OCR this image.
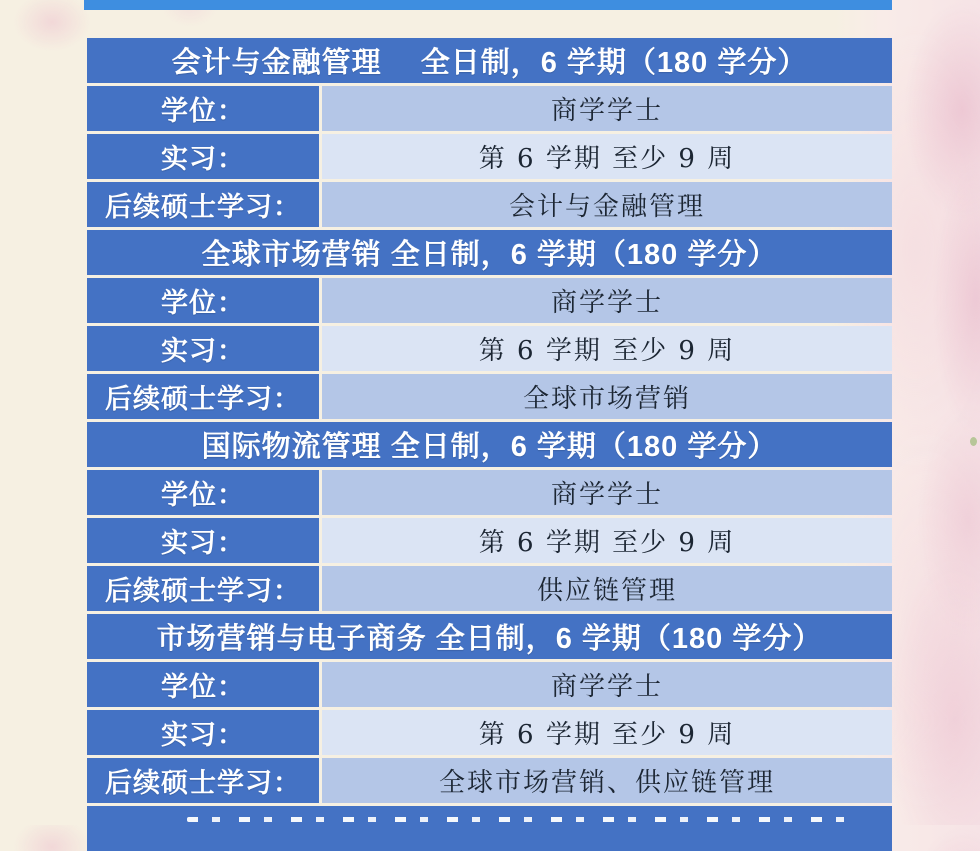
会计与金融管理　 全日制，6 学期（180 学分）
学位：	商学学士
实习：	第 6 学期 至少 9 周
后续硕士学习：	会计与金融管理
全球市场营销 全日制，6 学期（180 学分）
学位：	商学学士
实习：	第 6 学期 至少 9 周
后续硕士学习：	全球市场营销
国际物流管理 全日制，6 学期（180 学分）
学位：	商学学士
实习：	第 6 学期 至少 9 周
后续硕士学习：	供应链管理
市场营销与电子商务 全日制，6 学期（180 学分）
学位：	商学学士
实习：	第 6 学期 至少 9 周
后续硕士学习：	全球市场营销、供应链管理
